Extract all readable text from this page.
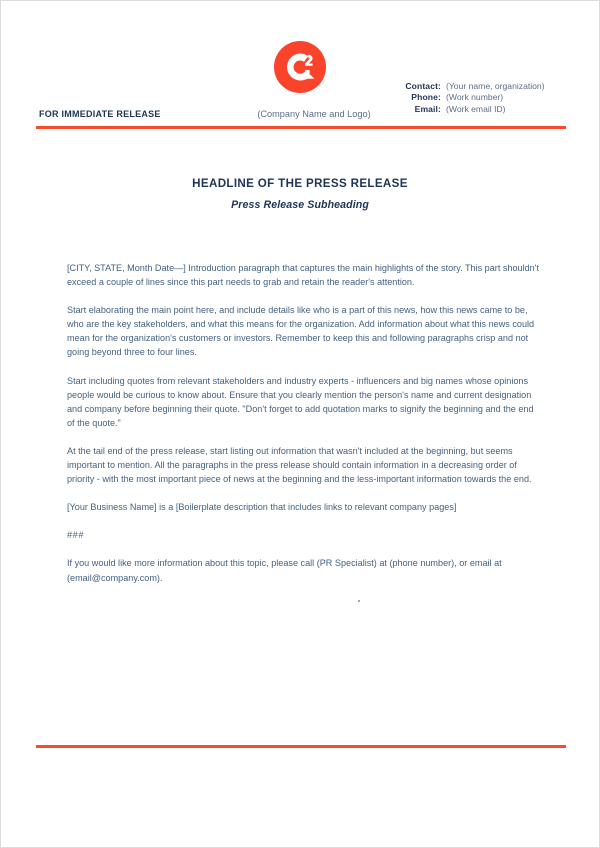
Contact: (Your name, organization)
Phone: (Work number)
Email: (Work email ID)
FOR IMMEDIATE RELEASE	(Company Name and Logo)
HEADLINE OF THE PRESS RELEASE
Press Release Subheading

[CITY, STATE, Month Date—] Introduction paragraph that captures the main highlights of the story. This part shouldn't exceed a couple of lines since this part needs to grab and retain the reader's attention.

Start elaborating the main point here, and include details like who is a part of this news, how this news came to be, who are the key stakeholders, and what this means for the organization. Add information about what this news could mean for the organization's customers or investors. Remember to keep this and following paragraphs crisp and not going beyond three to four lines.

Start including quotes from relevant stakeholders and industry experts - influencers and big names whose opinions people would be curious to know about. Ensure that you clearly mention the person's name and current designation and company before beginning their quote. "Don't forget to add quotation marks to signify the beginning and the end of the quote."

At the tail end of the press release, start listing out information that wasn't included at the beginning, but seems important to mention. All the paragraphs in the press release should contain information in a decreasing order of priority - with the most important piece of news at the beginning and the less-important information towards the end.

[Your Business Name] is a [Boilerplate description that includes links to relevant company pages]

###

If you would like more information about this topic, please call (PR Specialist) at (phone number), or email at (email@company.com).
